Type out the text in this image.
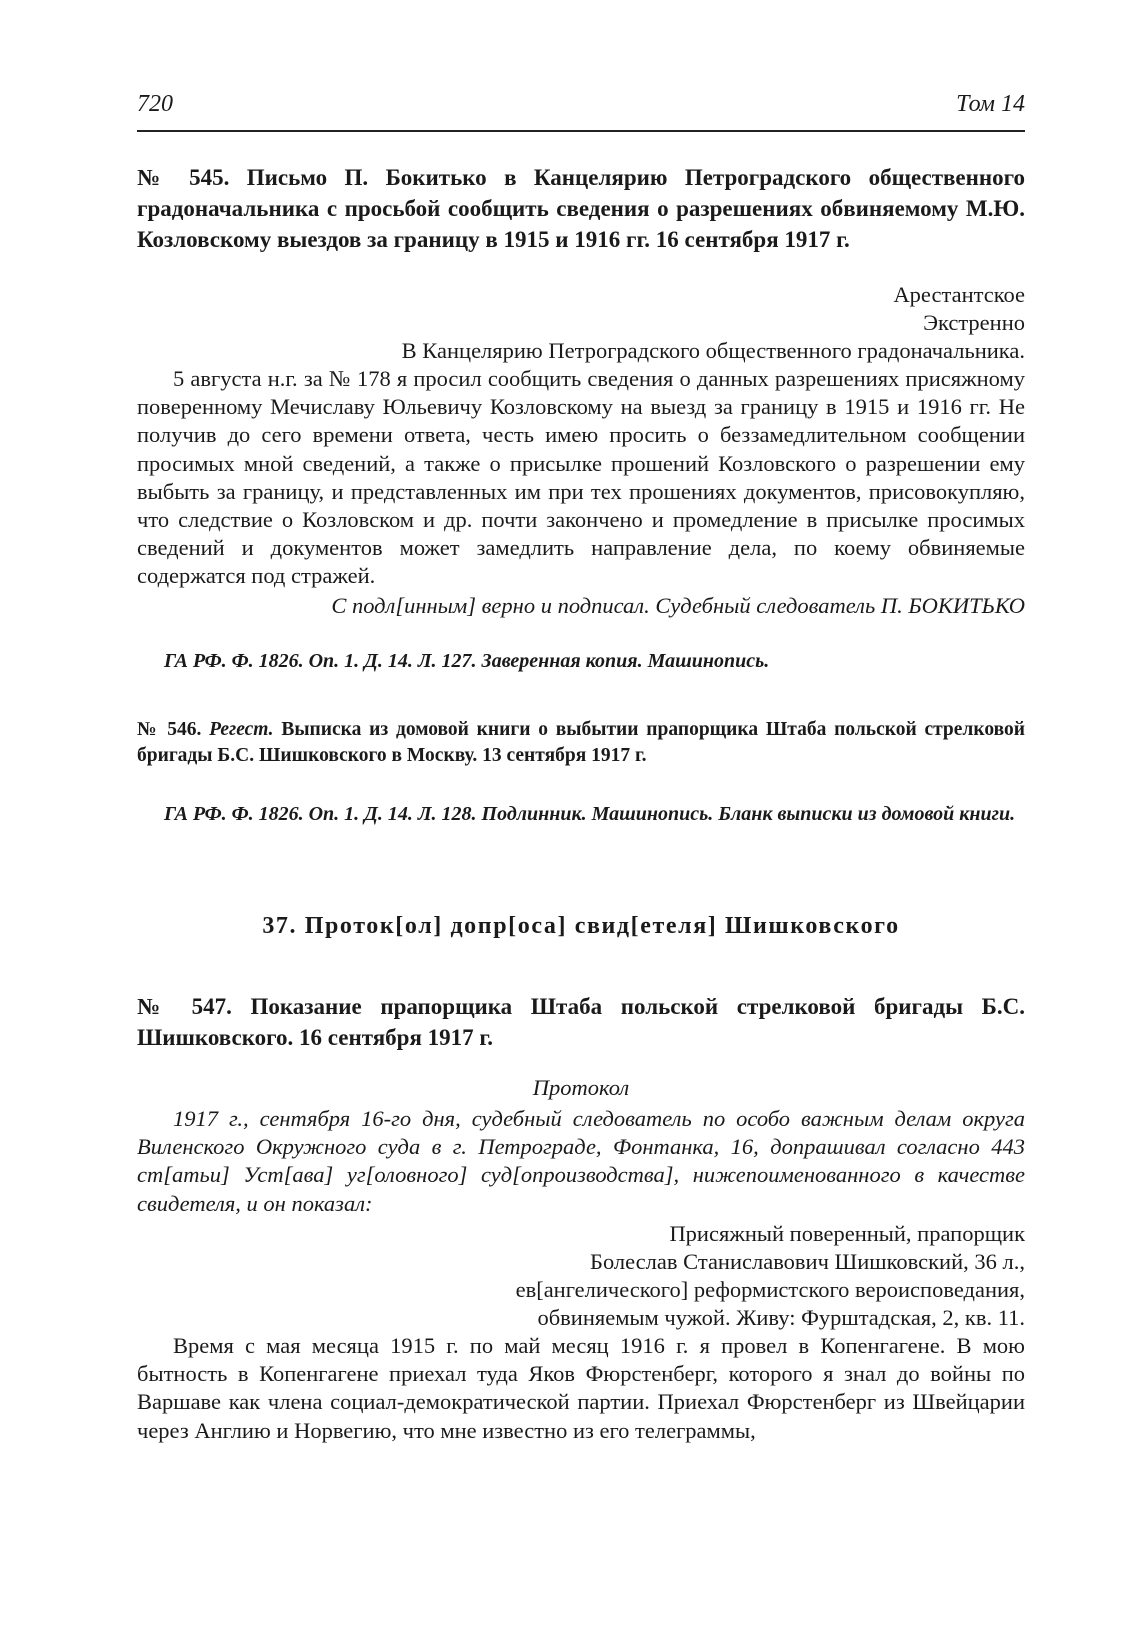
720	Том 14
№ 545. Письмо П. Бокитько в Канцелярию Петроградского общественного градоначальника с просьбой сообщить сведения о разрешениях обвиняемому М.Ю. Козловскому выездов за границу в 1915 и 1916 гг. 16 сентября 1917 г.
Арестантское
Экстренно
В Канцелярию Петроградского общественного градоначальника.
5 августа н.г. за № 178 я просил сообщить сведения о данных разрешениях присяжному поверенному Мечиславу Юльевичу Козловскому на выезд за границу в 1915 и 1916 гг. Не получив до сего времени ответа, честь имею просить о беззамедлительном сообщении просимых мной сведений, а также о присылке прошений Козловского о разрешении ему выбыть за границу, и представленных им при тех прошениях документов, присовокупляю, что следствие о Козловском и др. почти закончено и промедление в присылке просимых сведений и документов может замедлить направление дела, по коему обвиняемые содержатся под стражей.
С подл[инным] верно и подписал. Судебный следователь П. БОКИТЬКО
ГА РФ. Ф. 1826. Оп. 1. Д. 14. Л. 127. Заверенная копия. Машинопись.
№ 546. Регест. Выписка из домовой книги о выбытии прапорщика Штаба польской стрелковой бригады Б.С. Шишковского в Москву. 13 сентября 1917 г.
ГА РФ. Ф. 1826. Оп. 1. Д. 14. Л. 128. Подлинник. Машинопись. Бланк выписки из домовой книги.
37. Проток[ол] допр[оса] свид[етеля] Шишковского
№ 547. Показание прапорщика Штаба польской стрелковой бригады Б.С. Шишковского. 16 сентября 1917 г.
Протокол
1917 г., сентября 16-го дня, судебный следователь по особо важным делам округа Виленского Окружного суда в г. Петрограде, Фонтанка, 16, допрашивал согласно 443 ст[атьи] Уст[ава] уг[оловного] суд[опроизводства], нижепоименованного в качестве свидетеля, и он показал:
Присяжный поверенный, прапорщик
Болеслав Станиславович Шишковский, 36 л.,
ев[ангелического] реформистского вероисповедания,
обвиняемым чужой. Живу: Фурштадская, 2, кв. 11.
Время с мая месяца 1915 г. по май месяц 1916 г. я провел в Копенгагене. В мою бытность в Копенгагене приехал туда Яков Фюрстенберг, которого я знал до войны по Варшаве как члена социал-демократической партии. Приехал Фюрстенберг из Швейцарии через Англию и Норвегию, что мне известно из его телеграммы,
